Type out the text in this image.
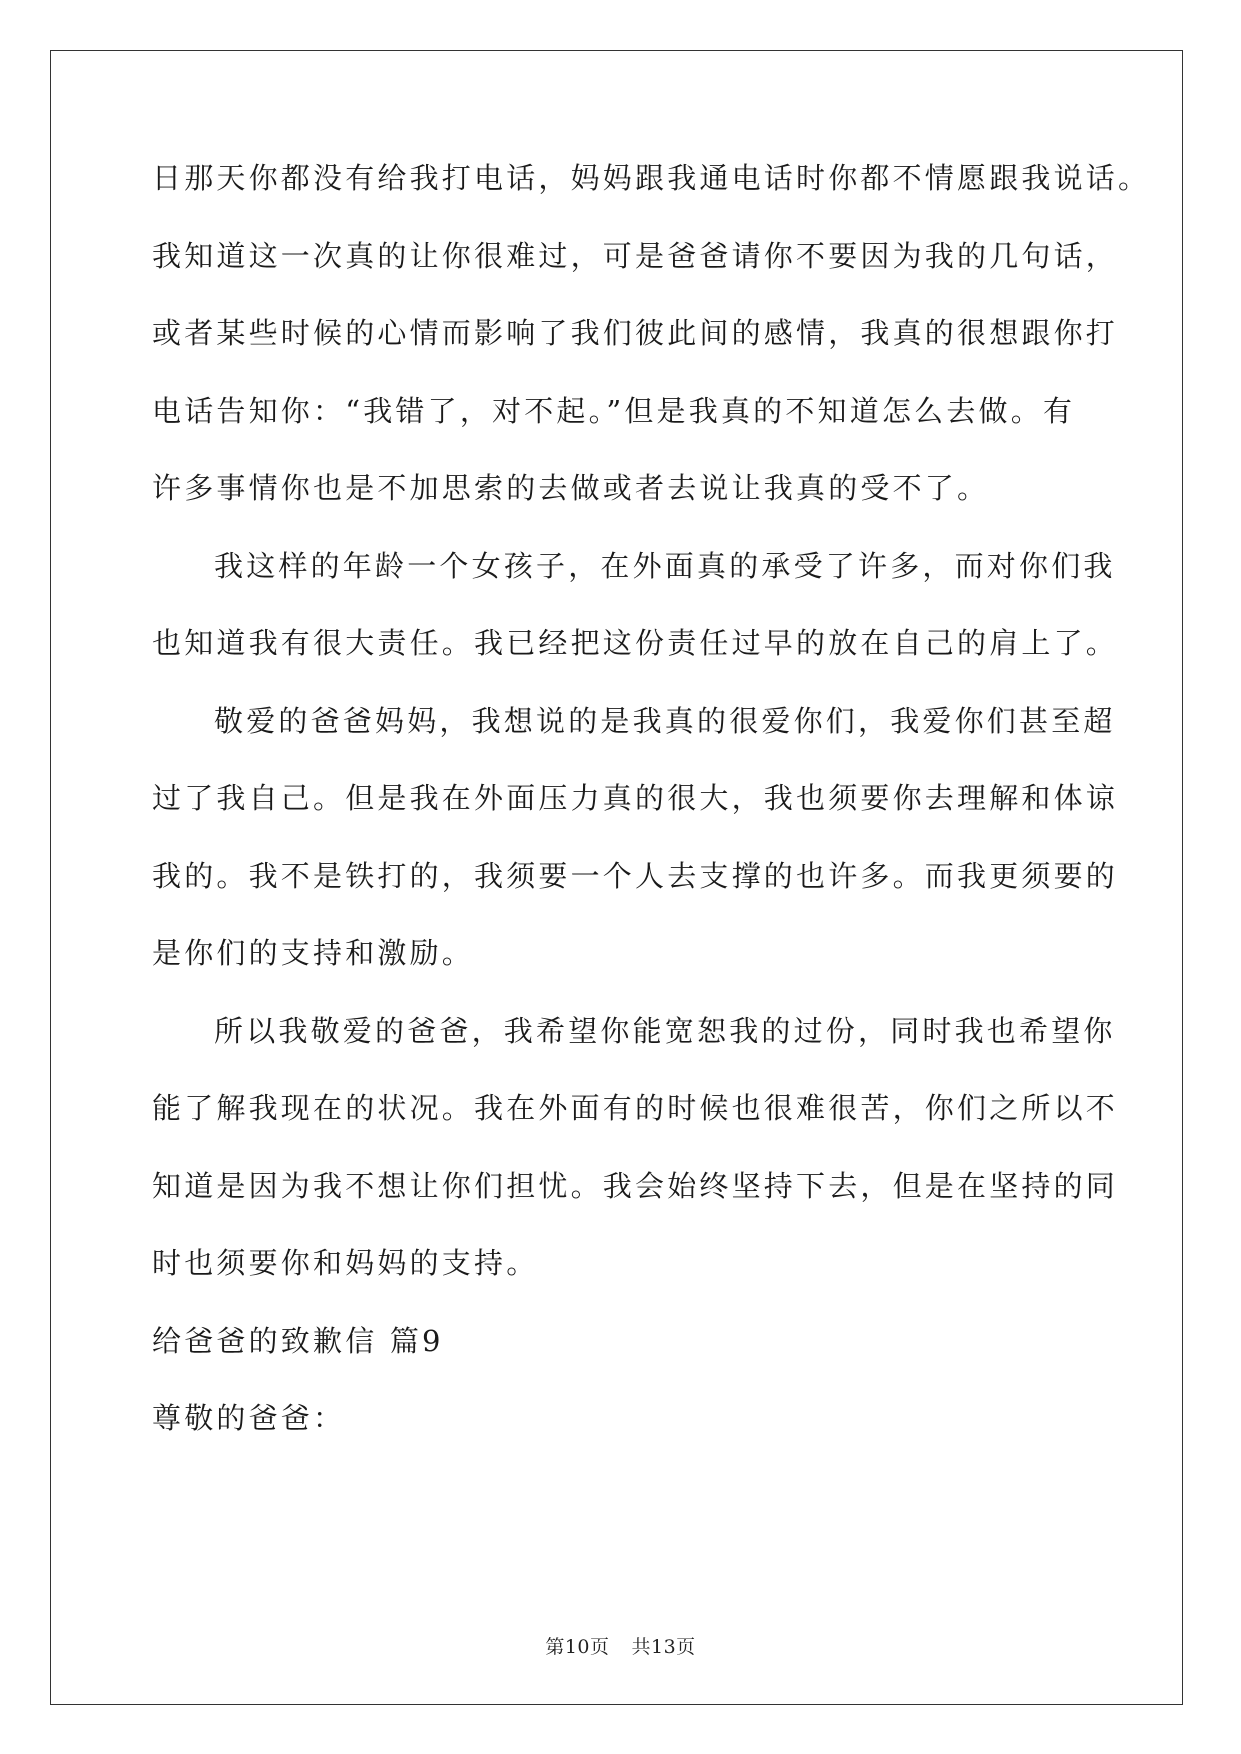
日那天你都没有给我打电话，妈妈跟我通电话时你都不情愿跟我说话。
我知道这一次真的让你很难过，可是爸爸请你不要因为我的几句话，
或者某些时候的心情而影响了我们彼此间的感情，我真的很想跟你打
电话告知你：“我错了，对不起。”但是我真的不知道怎么去做。有
许多事情你也是不加思索的去做或者去说让我真的受不了。
我这样的年龄一个女孩子，在外面真的承受了许多，而对你们我
也知道我有很大责任。我已经把这份责任过早的放在自己的肩上了。
敬爱的爸爸妈妈，我想说的是我真的很爱你们，我爱你们甚至超
过了我自己。但是我在外面压力真的很大，我也须要你去理解和体谅
我的。我不是铁打的，我须要一个人去支撑的也许多。而我更须要的
是你们的支持和激励。
所以我敬爱的爸爸，我希望你能宽恕我的过份，同时我也希望你
能了解我现在的状况。我在外面有的时候也很难很苦，你们之所以不
知道是因为我不想让你们担忧。我会始终坚持下去，但是在坚持的同
时也须要你和妈妈的支持。
给爸爸的致歉信 篇9
尊敬的爸爸：
第10页 共13页
